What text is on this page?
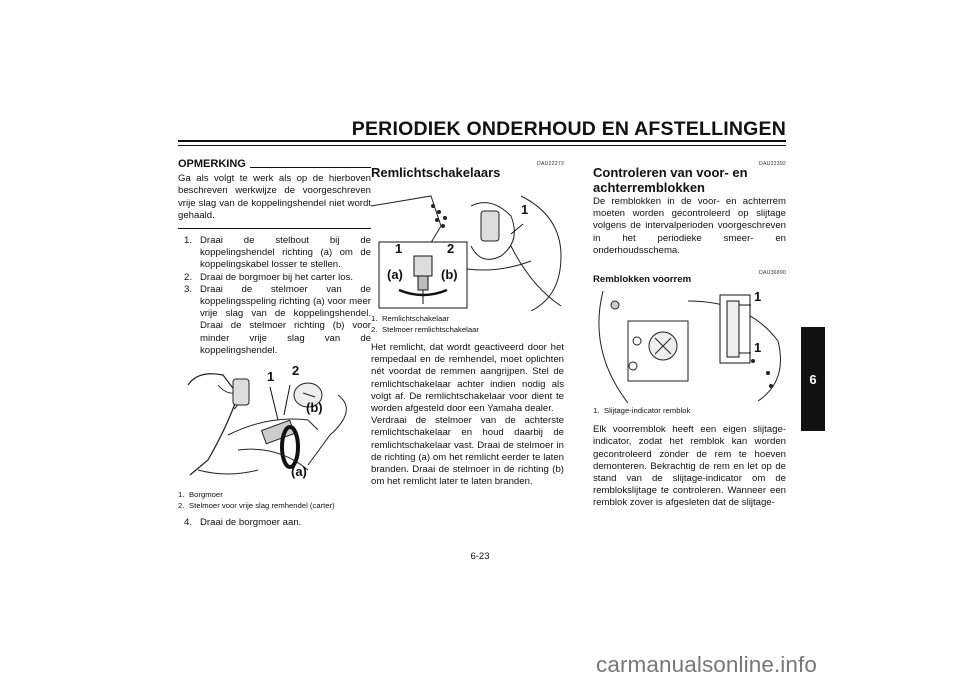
PERIODIEK ONDERHOUD EN AFSTELLINGEN
6
OPMERKING

Ga als volgt te werk als op de hierboven beschreven werkwijze de voorgeschreven vrije slag van de koppelingshendel niet wordt gehaald.

1. Draai de stelbout bij de koppelingshendel richting (a) om de koppelingskabel losser te stellen.
2. Draai de borgmoer bij het carter los.
3. Draai de stelmoer van de koppelingsspeling richting (a) voor meer vrije slag van de koppelingshendel. Draai de stelmoer richting (b) voor minder vrije slag van de koppelingshendel.
1 2
(b)
(a)
1. Borgmoer
2. Stelmoer voor vrije slag remhendel (carter)
4. Draai de borgmoer aan.
DAU22273
Remlichtschakelaars
1
1	2
(a)	(b)
1. Remlichtschakelaar
2. Stelmoer remlichtschakelaar

Het remlicht, dat wordt geactiveerd door het rempedaal en de remhendel, moet oplichten nét voordat de remmen aangrijpen. Stel de remlichtschakelaar achter indien nodig als volgt af. De remlichtschakelaar voor dient te worden afgesteld door een Yamaha dealer.

Verdraai de stelmoer van de achterste remlichtschakelaar en houd daarbij de remlichtschakelaar vast. Draai de stelmoer in de richting (a) om het remlicht eerder te laten branden. Draai de stelmoer in de richting (b) om het remlicht later te laten branden.

DAU22392
Controleren van voor- en achterremblokken

De remblokken in de voor- en achterrem moeten worden gecontroleerd op slijtage volgens de intervalperioden voorgeschreven in het periodieke smeer- en onderhoudsschema.

DAU36890
Remblokken voorrem
1
1
1. Slijtage-indicator remblok

Elk voorremblok heeft een eigen slijtage-indicator, zodat het remblok kan worden gecontroleerd zonder de rem te hoeven demonteren. Bekrachtig de rem en let op de stand van de slijtage-indicator om de remblokslijtage te controleren. Wanneer een remblok zover is afgesleten dat de slijtage-

6-23
carmanualsonline.info
